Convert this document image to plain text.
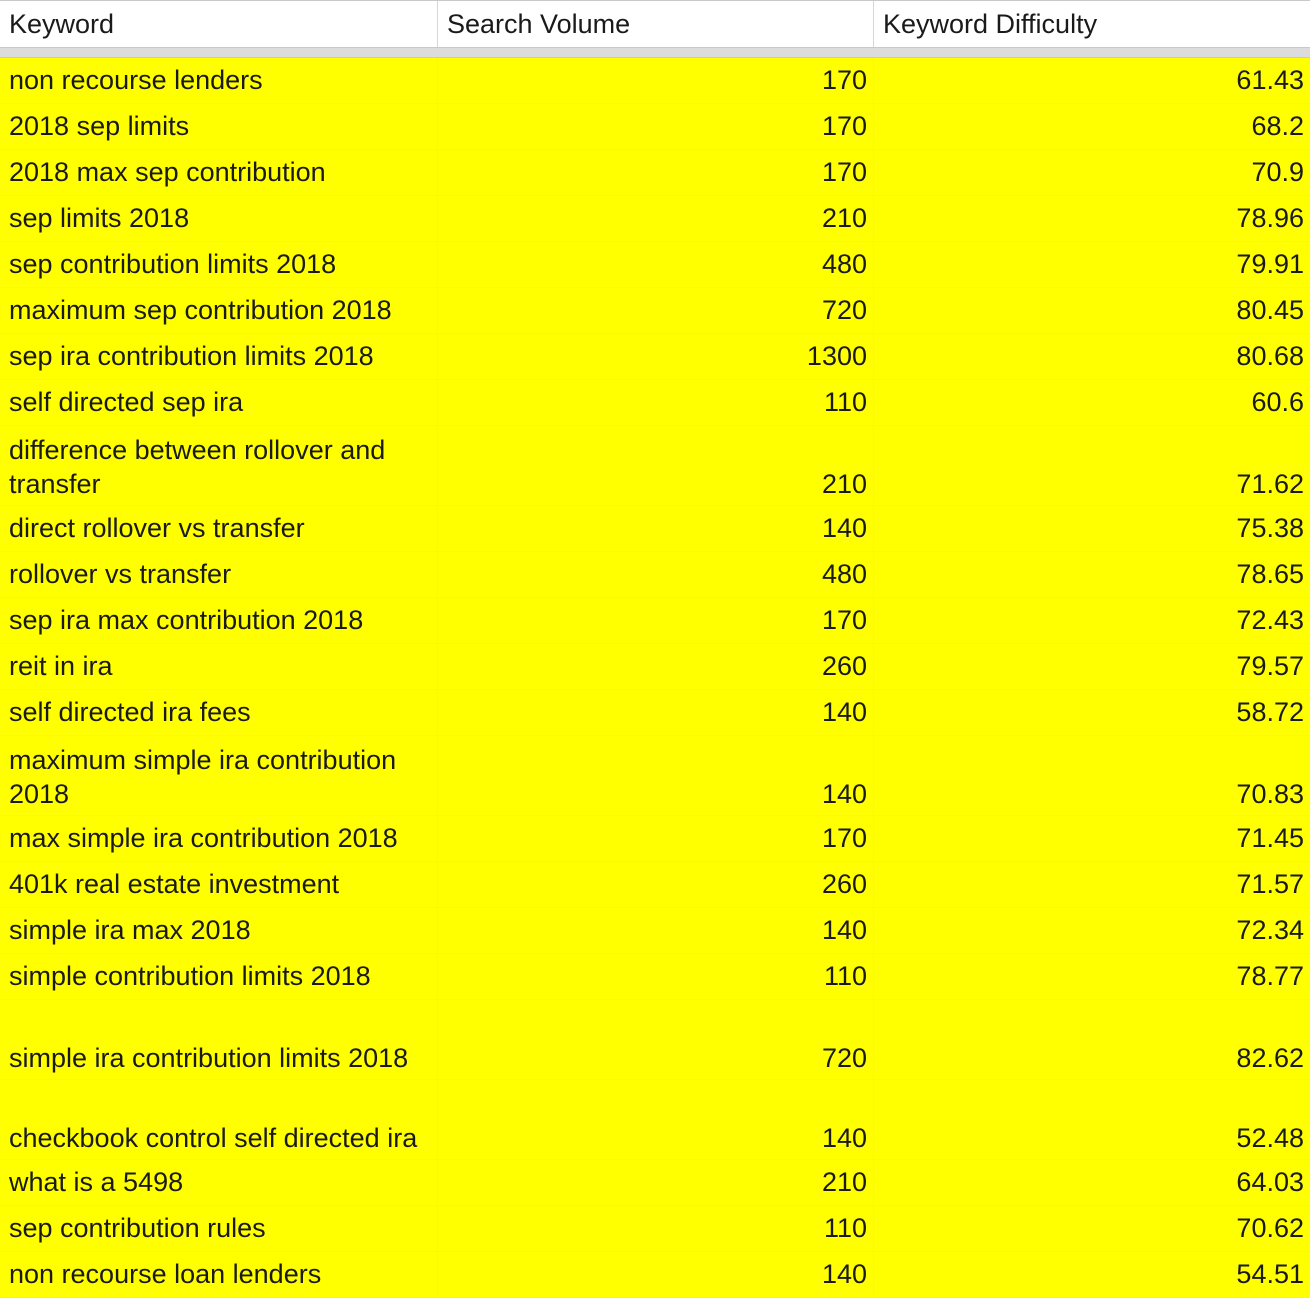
Keyword	Search Volume	Keyword Difficulty
non recourse lenders	170	61.43
2018 sep limits	170	68.2
2018 max sep contribution	170	70.9
sep limits 2018	210	78.96
sep contribution limits 2018	480	79.91
maximum sep contribution 2018	720	80.45
sep ira contribution limits 2018	1300	80.68
self directed sep ira	110	60.6
difference between rollover and transfer	210	71.62
direct rollover vs transfer	140	75.38
rollover vs transfer	480	78.65
sep ira max contribution 2018	170	72.43
reit in ira	260	79.57
self directed ira fees	140	58.72
maximum simple ira contribution 2018	140	70.83
max simple ira contribution 2018	170	71.45
401k real estate investment	260	71.57
simple ira max 2018	140	72.34
simple contribution limits 2018	110	78.77
simple ira contribution limits 2018	720	82.62
checkbook control self directed ira	140	52.48
what is a 5498	210	64.03
sep contribution rules	110	70.62
non recourse loan lenders	140	54.51
